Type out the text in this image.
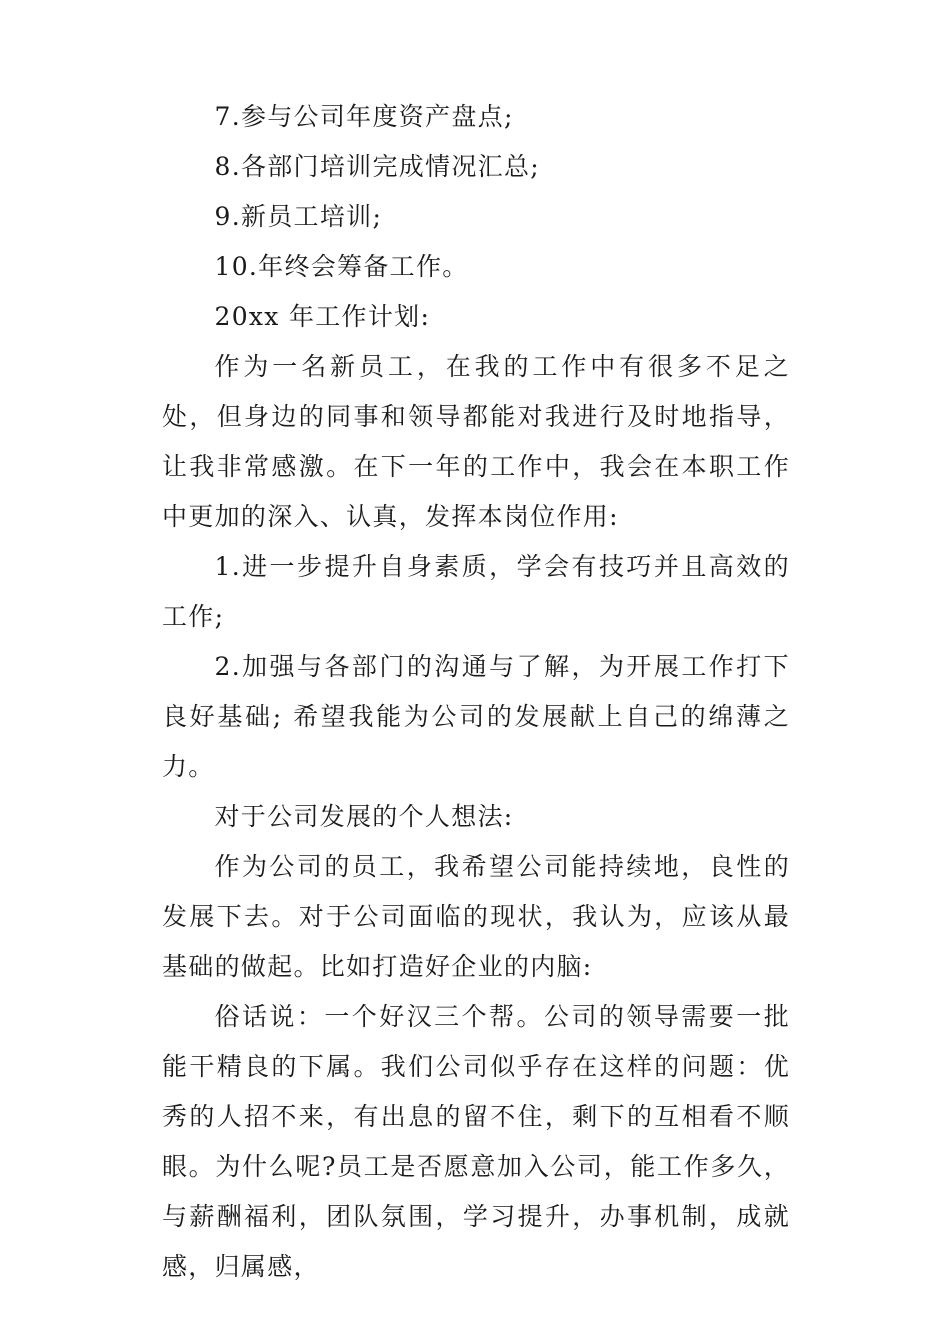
7.参与公司年度资产盘点;

8.各部门培训完成情况汇总;

9.新员工培训;

10.年终会筹备工作。

20xx 年工作计划:

作为一名新员工，在我的工作中有很多不足之处，但身边的同事和领导都能对我进行及时地指导，让我非常感激。在下一年的工作中，我会在本职工作中更加的深入、认真，发挥本岗位作用:

1.进一步提升自身素质，学会有技巧并且高效的工作;

2.加强与各部门的沟通与了解，为开展工作打下良好基础; 希望我能为公司的发展献上自己的绵薄之力。

对于公司发展的个人想法:

作为公司的员工，我希望公司能持续地，良性的发展下去。对于公司面临的现状，我认为，应该从最基础的做起。比如打造好企业的内脑:

俗话说：一个好汉三个帮。公司的领导需要一批能干精良的下属。我们公司似乎存在这样的问题：优秀的人招不来，有出息的留不住，剩下的互相看不顺眼。为什么呢?员工是否愿意加入公司，能工作多久，与薪酬福利，团队氛围，学习提升，办事机制，成就感，归属感，
